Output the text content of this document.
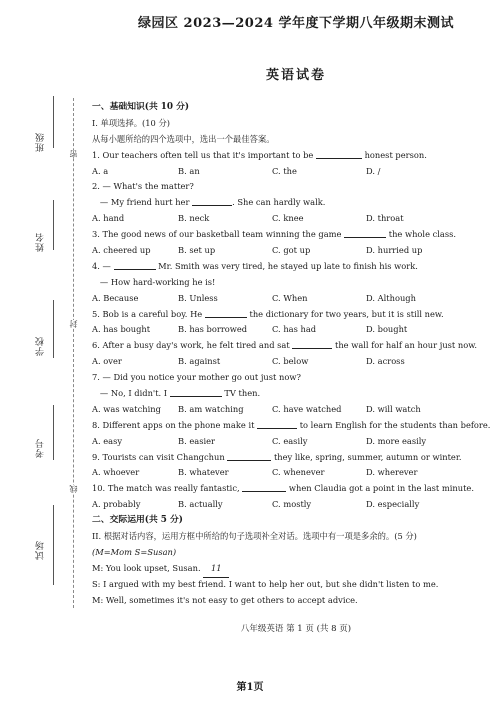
班级
姓名
学校
考号
试场
密
封
线
绿园区 2023—2024 学年度下学期八年级期末测试
英语试卷
一、基础知识(共 10 分)
I. 单项选择。(10 分)
从每小题所给的四个选项中，选出一个最佳答案。
1. Our teachers often tell us that it's important to be	honest person.
A. a	B. an	C. the	D. /
2. — What's the matter?
— My friend hurt her	. She can hardly walk.
A. hand	B. neck	C. knee	D. throat
3. The good news of our basketball team winning the game	the whole class.
A. cheered up	B. set up	C. got up	D. hurried up
4. —	Mr. Smith was very tired, he stayed up late to finish his work.
— How hard-working he is!
A. Because	B. Unless	C. When	D. Although
5. Bob is a careful boy. He	the dictionary for two years, but it is still new.
A. has bought	B. has borrowed	C. has had	D. bought
6. After a busy day's work, he felt tired and sat	the wall for half an hour just now.
A. over	B. against	C. below	D. across
7. — Did you notice your mother go out just now?
— No, I didn't. I	TV then.
A. was watching	B. am watching	C. have watched	D. will watch
8. Different apps on the phone make it	to learn English for the students than before.
A. easy	B. easier	C. easily	D. more easily
9. Tourists can visit Changchun	they like, spring, summer, autumn or winter.
A. whoever	B. whatever	C. whenever	D. wherever
10. The match was really fantastic,	when Claudia got a point in the last minute.
A. probably	B. actually	C. mostly	D. especially
二、交际运用(共 5 分)
II. 根据对话内容，运用方框中所给的句子选项补全对话。选项中有一项是多余的。(5 分)
(M=Mom S=Susan)
M: You look upset, Susan. 11
S: I argued with my best friend. I want to help her out, but she didn't listen to me.
M: Well, sometimes it's not easy to get others to accept advice.
八年级英语 第 1 页 (共 8 页)
第1页
